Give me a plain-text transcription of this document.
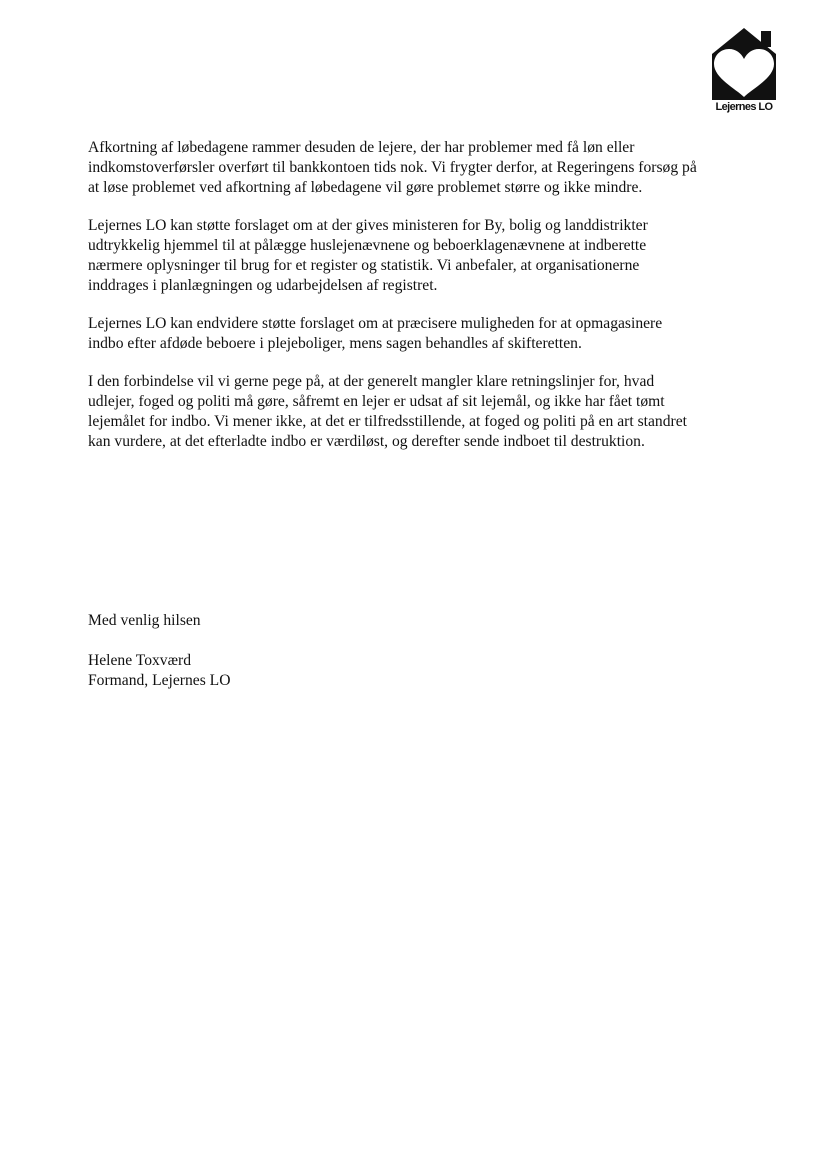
Lejernes LO

Afkortning af løbedagene rammer desuden de lejere, der har problemer med få løn eller indkomstoverførsler overført til bankkontoen tids nok. Vi frygter derfor, at Regeringens forsøg på at løse problemet ved afkortning af løbedagene vil gøre problemet større og ikke mindre.

Lejernes LO kan støtte forslaget om at der gives ministeren for By, bolig og landdistrikter udtrykkelig hjemmel til at pålægge huslejenævnene og beboerklagenævnene at indberette nærmere oplysninger til brug for et register og statistik. Vi anbefaler, at organisationerne inddrages i planlægningen og udarbejdelsen af registret.

Lejernes LO kan endvidere støtte forslaget om at præcisere muligheden for at opmagasinere indbo efter afdøde beboere i plejeboliger, mens sagen behandles af skifteretten.

I den forbindelse vil vi gerne pege på, at der generelt mangler klare retningslinjer for, hvad udlejer, foged og politi må gøre, såfremt en lejer er udsat af sit lejemål, og ikke har fået tømt lejemålet for indbo. Vi mener ikke, at det er tilfredsstillende, at foged og politi på en art standret kan vurdere, at det efterladte indbo er værdiløst, og derefter sende indboet til destruktion.

Med venlig hilsen

Helene Toxværd
Formand, Lejernes LO
